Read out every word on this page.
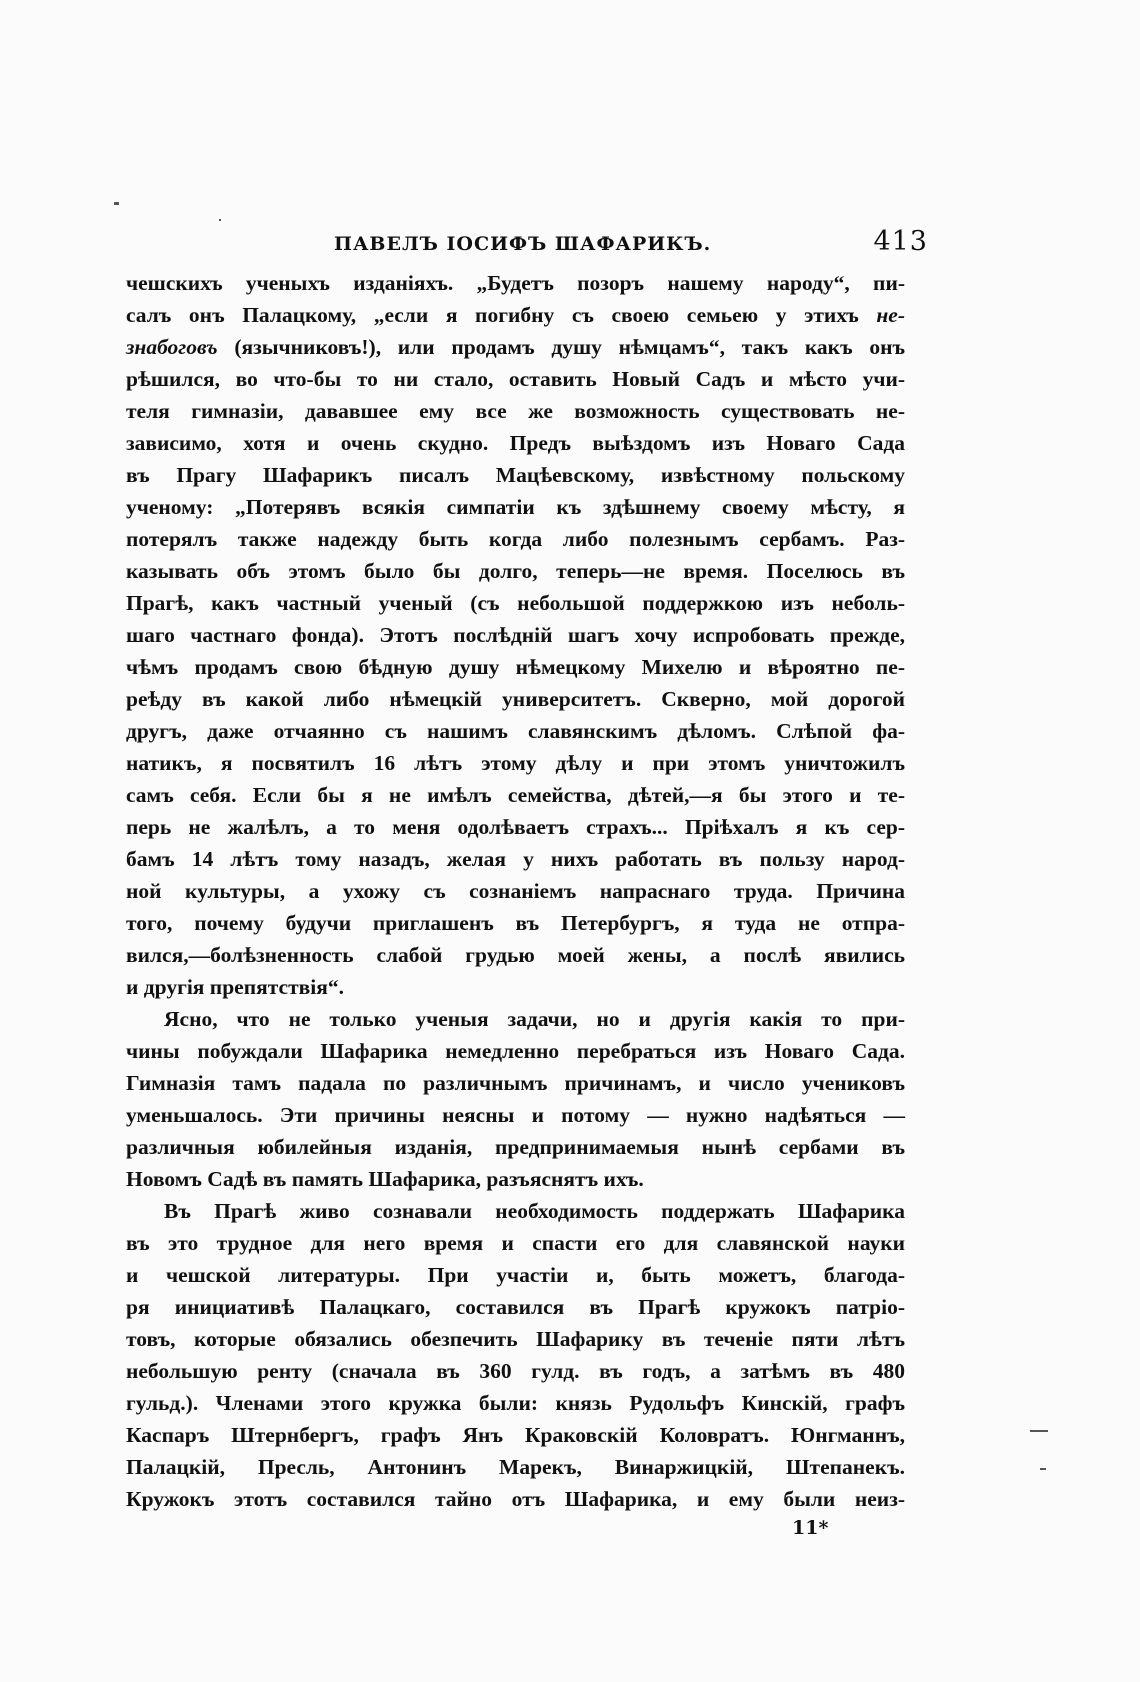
ПАВЕЛЪ ІОСИФЪ ШАФАРИКЪ.	413
чешскихъ ученыхъ изданіяхъ. „Будетъ позоръ нашему народу“, пи-
салъ онъ Палацкому, „если я погибну съ своею семьею у этихъ не-
знабоговъ (язычниковъ!), или продамъ душу нѣмцамъ“, такъ какъ онъ
рѣшился, во что-бы то ни стало, оставить Новый Садъ и мѣсто учи-
теля гимназіи, дававшее ему все же возможность существовать не-
зависимо, хотя и очень скудно. Предъ выѣздомъ изъ Новаго Сада
въ Прагу Шафарикъ писалъ Мацѣевскому, извѣстному польскому
ученому: „Потерявъ всякія симпатіи къ здѣшнему своему мѣсту, я
потерялъ также надежду быть когда либо полезнымъ сербамъ. Раз-
казывать объ этомъ было бы долго, теперь—не время. Поселюсь въ
Прагѣ, какъ частный ученый (съ небольшой поддержкою изъ неболь-
шаго частнаго фонда). Этотъ послѣдній шагъ хочу испробовать прежде,
чѣмъ продамъ свою бѣдную душу нѣмецкому Михелю и вѣроятно пе-
реѣду въ какой либо нѣмецкій университетъ. Скверно, мой дорогой
другъ, даже отчаянно съ нашимъ славянскимъ дѣломъ. Слѣпой фа-
натикъ, я посвятилъ 16 лѣтъ этому дѣлу и при этомъ уничтожилъ
самъ себя. Если бы я не имѣлъ семейства, дѣтей,—я бы этого и те-
перь не жалѣлъ, а то меня одолѣваетъ страхъ... Пріѣхалъ я къ сер-
бамъ 14 лѣтъ тому назадъ, желая у нихъ работать въ пользу народ-
ной культуры, а ухожу съ сознаніемъ напраснаго труда. Причина
того, почему будучи приглашенъ въ Петербургъ, я туда не отпра-
вился,—болѣзненность слабой грудью моей жены, а послѣ явились
и другія препятствія“.
Ясно, что не только ученыя задачи, но и другія какія то при-
чины побуждали Шафарика немедленно перебраться изъ Новаго Сада.
Гимназія тамъ падала по различнымъ причинамъ, и число учениковъ
уменьшалось. Эти причины неясны и потому — нужно надѣяться —
различныя юбилейныя изданія, предпринимаемыя нынѣ сербами въ
Новомъ Садѣ въ память Шафарика, разъяснятъ ихъ.
Въ Прагѣ живо сознавали необходимость поддержать Шафарика
въ это трудное для него время и спасти его для славянской науки
и чешской литературы. При участіи и, быть можетъ, благода-
ря инициативѣ Палацкаго, составился въ Прагѣ кружокъ патріо-
товъ, которые обязались обезпечить Шафарику въ теченіе пяти лѣтъ
небольшую ренту (сначала въ 360 гулд. въ годъ, а затѣмъ въ 480
гульд.). Членами этого кружка были: князь Рудольфъ Кинскій, графъ
Каспаръ Штернбергъ, графъ Янъ Краковскій Коловратъ. Юнгманнъ,
Палацкій, Пресль, Антонинъ Марекъ, Винаржицкій, Штепанекъ.
Кружокъ этотъ составился тайно отъ Шафарика, и ему были неиз-
11*
